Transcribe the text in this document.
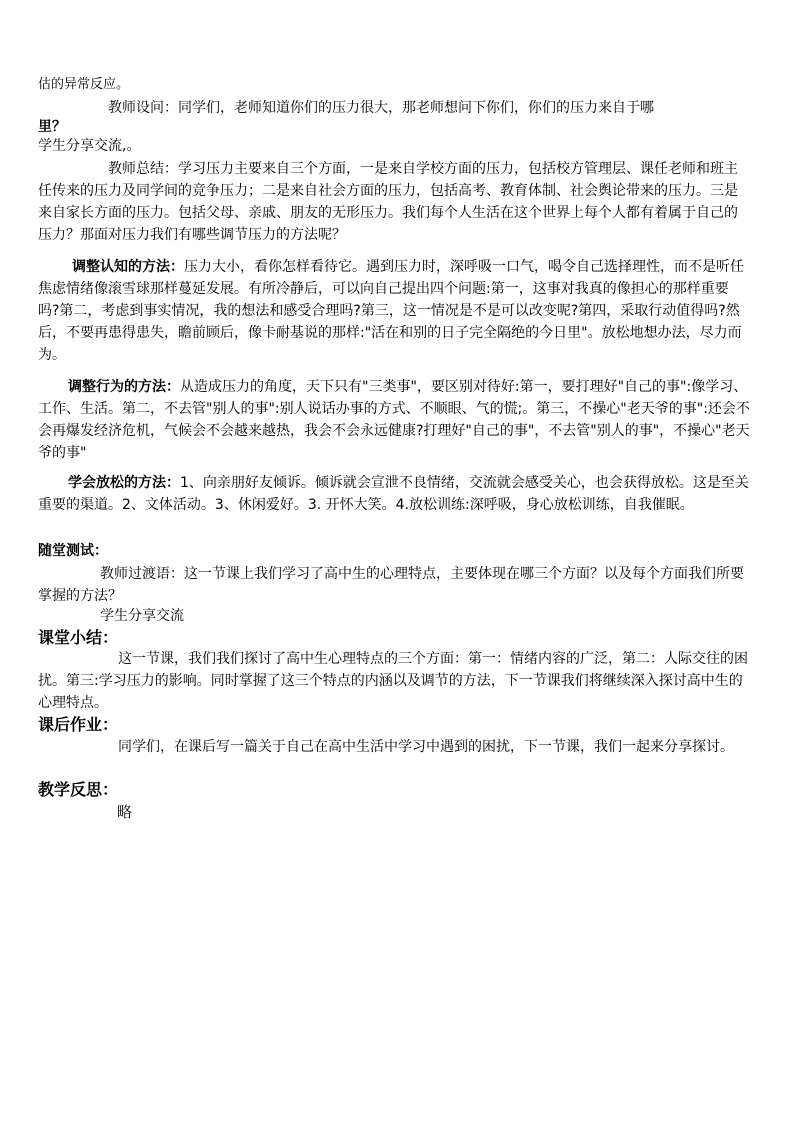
估的异常反应。

教师设问：同学们，老师知道你们的压力很大，那老师想问下你们，你们的压力来自于哪

里？

学生分享交流,。

教师总结：学习压力主要来自三个方面，一是来自学校方面的压力，包括校方管理层、课任老师和班主任传来的压力及同学间的竞争压力；二是来自社会方面的压力，包括高考、教育体制、社会舆论带来的压力。三是来自家长方面的压力。包括父母、亲戚、朋友的无形压力。我们每个人生活在这个世界上每个人都有着属于自己的压力？那面对压力我们有哪些调节压力的方法呢？

调整认知的方法：压力大小，看你怎样看待它。遇到压力时，深呼吸一口气，喝令自己选择理性，而不是听任焦虑情绪像滚雪球那样蔓延发展。有所冷静后，可以向自己提出四个问题:第一，这事对我真的像担心的那样重要吗?第二，考虑到事实情况，我的想法和感受合理吗?第三，这一情况是不是可以改变呢?第四，采取行动值得吗?然后，不要再患得患失，瞻前顾后，像卡耐基说的那样:"活在和别的日子完全隔绝的今日里"。放松地想办法，尽力而为。

调整行为的方法：从造成压力的角度，天下只有"三类事"，要区别对待好:第一，要打理好"自己的事":像学习、工作、生活。第二，不去管"别人的事":别人说话办事的方式、不顺眼、气的慌;。第三，不操心"老天爷的事":还会不会再爆发经济危机，气候会不会越来越热，我会不会永远健康?打理好"自己的事"，不去管"别人的事"，不操心"老天爷的事"

学会放松的方法：1、向亲朋好友倾诉。倾诉就会宣泄不良情绪，交流就会感受关心，也会获得放松。这是至关重要的渠道。2、文体活动。3、休闲爱好。3. 开怀大笑。4.放松训练:深呼吸，身心放松训练，自我催眠。

随堂测试：

教师过渡语：这一节课上我们学习了高中生的心理特点，主要体现在哪三个方面？以及每个方面我们所要掌握的方法？

学生分享交流

课堂小结：

这一节课，我们我们探讨了高中生心理特点的三个方面：第一：情绪内容的广泛，第二：人际交往的困扰。第三:学习压力的影响。同时掌握了这三个特点的内涵以及调节的方法，下一节课我们将继续深入探讨高中生的心理特点。

课后作业：

同学们，在课后写一篇关于自己在高中生活中学习中遇到的困扰，下一节课，我们一起来分享探讨。

教学反思：

略
